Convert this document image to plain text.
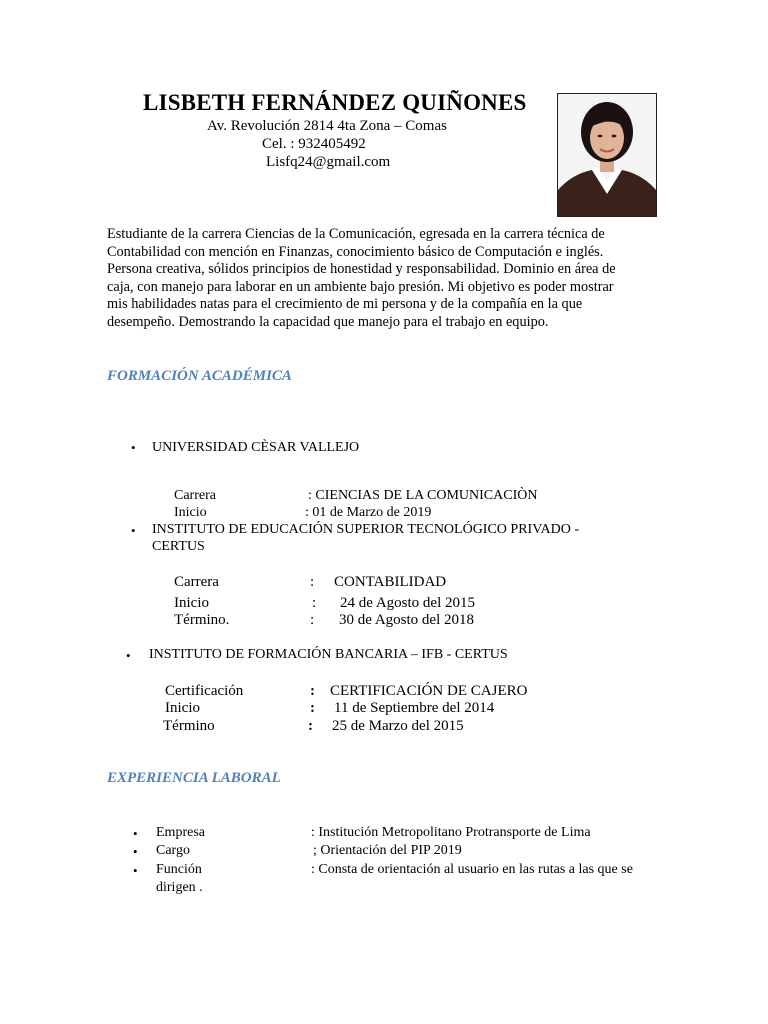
LISBETH FERNÁNDEZ QUIÑONES
Av. Revolución 2814 4ta Zona – Comas
Cel. : 932405492
Lisfq24@gmail.com

Estudiante de la carrera Ciencias de la Comunicación, egresada en la carrera técnica de

Contabilidad con mención en Finanzas, conocimiento básico de Computación e inglés.

Persona creativa, sólidos principios de honestidad y responsabilidad. Dominio en área de

caja, con manejo para laborar en un ambiente bajo presión. Mi objetivo es poder mostrar

mis habilidades natas para el crecimiento de mi persona y de la compañía en la que

desempeño. Demostrando la capacidad que manejo para el trabajo en equipo.

FORMACIÓN ACADÉMICA
• UNIVERSIDAD CÈSAR VALLEJO
Carrera	: CIENCIAS DE LA COMUNICACIÒN
Inicio	: 01 de Marzo de 2019
• INSTITUTO DE EDUCACIÓN SUPERIOR TECNOLÓGICO PRIVADO -
CERTUS
Carrera	: CONTABILIDAD
Inicio	: 24 de Agosto del 2015
Término.	: 30 de Agosto del 2018
• INSTITUTO DE FORMACIÓN BANCARIA – IFB - CERTUS
Certificación	: CERTIFICACIÓN DE CAJERO
Inicio	: 11 de Septiembre del 2014
Término	: 25 de Marzo del 2015
EXPERIENCIA LABORAL
• Empresa	: Institución Metropolitano Protransporte de Lima
• Cargo	; Orientación del PIP 2019
• Función	: Consta de orientación al usuario en las rutas a las que se
dirigen .
